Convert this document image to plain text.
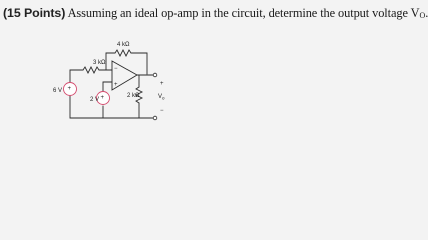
(15 Points) Assuming an ideal op-amp in the circuit, determine the output voltage $V_O$.
+
+
3 kΩ
4 kΩ
2 kΩ
6 V
2 V
−
+	+
−
$V_o$
